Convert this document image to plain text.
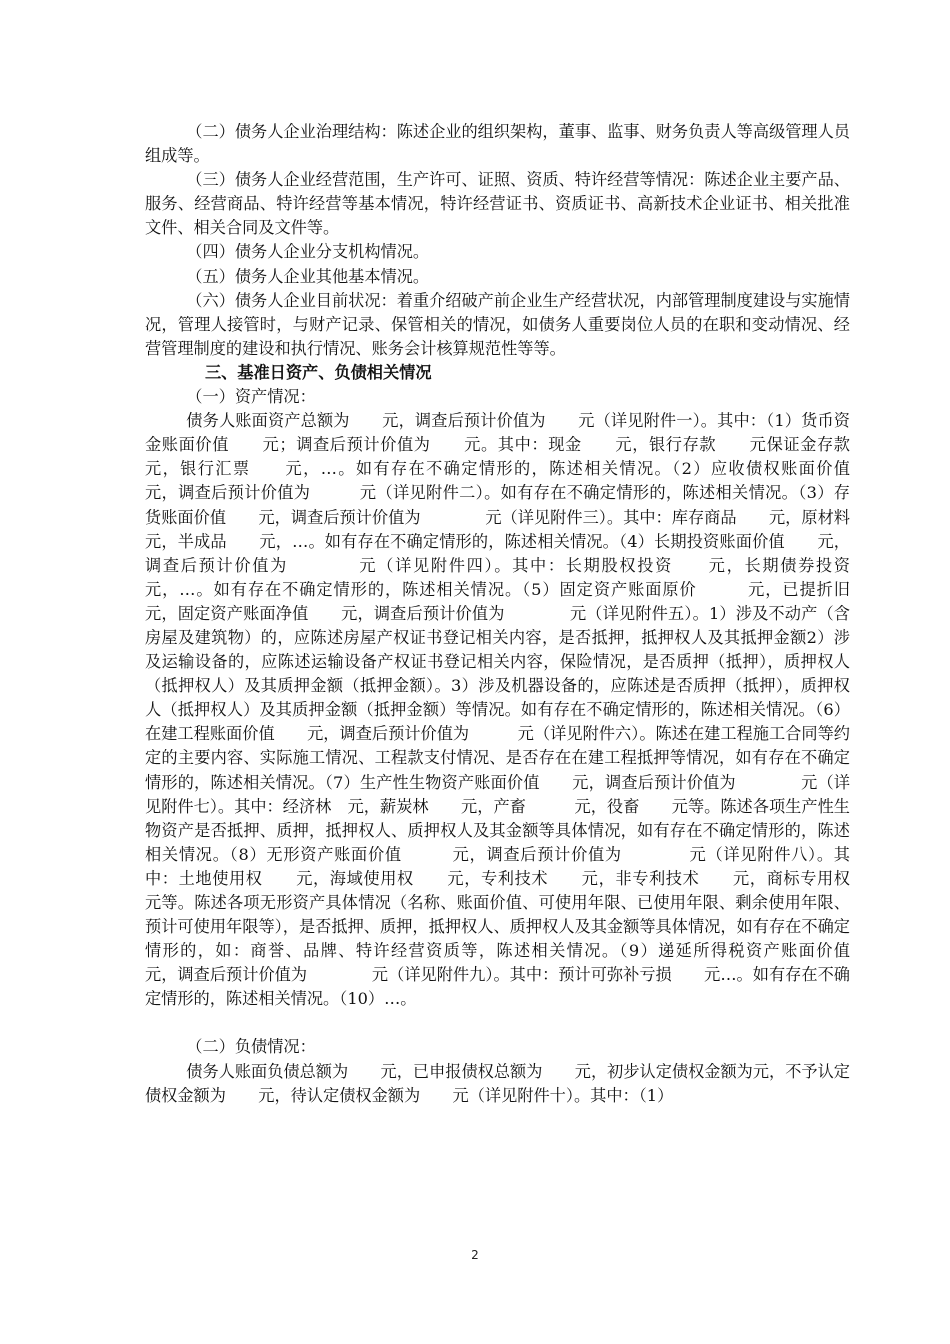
（二）债务人企业治理结构：陈述企业的组织架构，董事、监事、财务负责人等高级管理人员组成等。

（三）债务人企业经营范围，生产许可、证照、资质、特许经营等情况：陈述企业主要产品、服务、经营商品、特许经营等基本情况，特许经营证书、资质证书、高新技术企业证书、相关批准文件、相关合同及文件等。

（四）债务人企业分支机构情况。

（五）债务人企业其他基本情况。

（六）债务人企业目前状况：着重介绍破产前企业生产经营状况，内部管理制度建设与实施情况，管理人接管时，与财产记录、保管相关的情况，如债务人重要岗位人员的在职和变动情况、经营管理制度的建设和执行情况、账务会计核算规范性等等。

三、基准日资产、负债相关情况

（一）资产情况：

债务人账面资产总额为　　元，调查后预计价值为　　元（详见附件一）。其中：（1）货币资金账面价值　　元；调查后预计价值为　　元。其中：现金　　元，银行存款　　元保证金存款　　元，银行汇票　　元，…。如有存在不确定情形的，陈述相关情况。（2）应收债权账面价值　　　元，调查后预计价值为　　　元（详见附件二）。如有存在不确定情形的，陈述相关情况。（3）存货账面价值　　元，调查后预计价值为　　　　元（详见附件三）。其中：库存商品　　元，原材料　　元，半成品　　元，…。如有存在不确定情形的，陈述相关情况。（4）长期投资账面价值　　元，调查后预计价值为　　　　元（详见附件四）。其中：长期股权投资　　元，长期债券投资　　元，…。如有存在不确定情形的，陈述相关情况。（5）固定资产账面原价　　　元，已提折旧　　　元，固定资产账面净值　　元，调查后预计价值为　　　　元（详见附件五）。1）涉及不动产（含房屋及建筑物）的，应陈述房屋产权证书登记相关内容，是否抵押，抵押权人及其抵押金额2）涉及运输设备的，应陈述运输设备产权证书登记相关内容，保险情况，是否质押（抵押），质押权人（抵押权人）及其质押金额（抵押金额）。3）涉及机器设备的，应陈述是否质押（抵押），质押权人（抵押权人）及其质押金额（抵押金额）等情况。如有存在不确定情形的，陈述相关情况。（6）在建工程账面价值　　元，调查后预计价值为　　　元（详见附件六）。陈述在建工程施工合同等约定的主要内容、实际施工情况、工程款支付情况、是否存在在建工程抵押等情况，如有存在不确定情形的，陈述相关情况。（7）生产性生物资产账面价值　　元，调查后预计价值为　　　　元（详见附件七）。其中：经济林　元，薪炭林　　元，产畜　　　元，役畜　　元等。陈述各项生产性生物资产是否抵押、质押，抵押权人、质押权人及其金额等具体情况，如有存在不确定情形的，陈述相关情况。（8）无形资产账面价值　　　元，调查后预计价值为　　　　元（详见附件八）。其中：土地使用权　　元，海域使用权　　元，专利技术　　元，非专利技术　　元，商标专用权　　元等。陈述各项无形资产具体情况（名称、账面价值、可使用年限、已使用年限、剩余使用年限、预计可使用年限等），是否抵押、质押，抵押权人、质押权人及其金额等具体情况，如有存在不确定情形的，如：商誉、品牌、特许经营资质等，陈述相关情况。（9）递延所得税资产账面价值　　　元，调查后预计价值为　　　　元（详见附件九）。其中：预计可弥补亏损　　元…。如有存在不确定情形的，陈述相关情况。（10）…。

（二）负债情况：

债务人账面负债总额为　　元，已申报债权总额为　　元，初步认定债权金额为元，不予认定债权金额为　　元，待认定债权金额为　　元（详见附件十）。其中：（1）

2
